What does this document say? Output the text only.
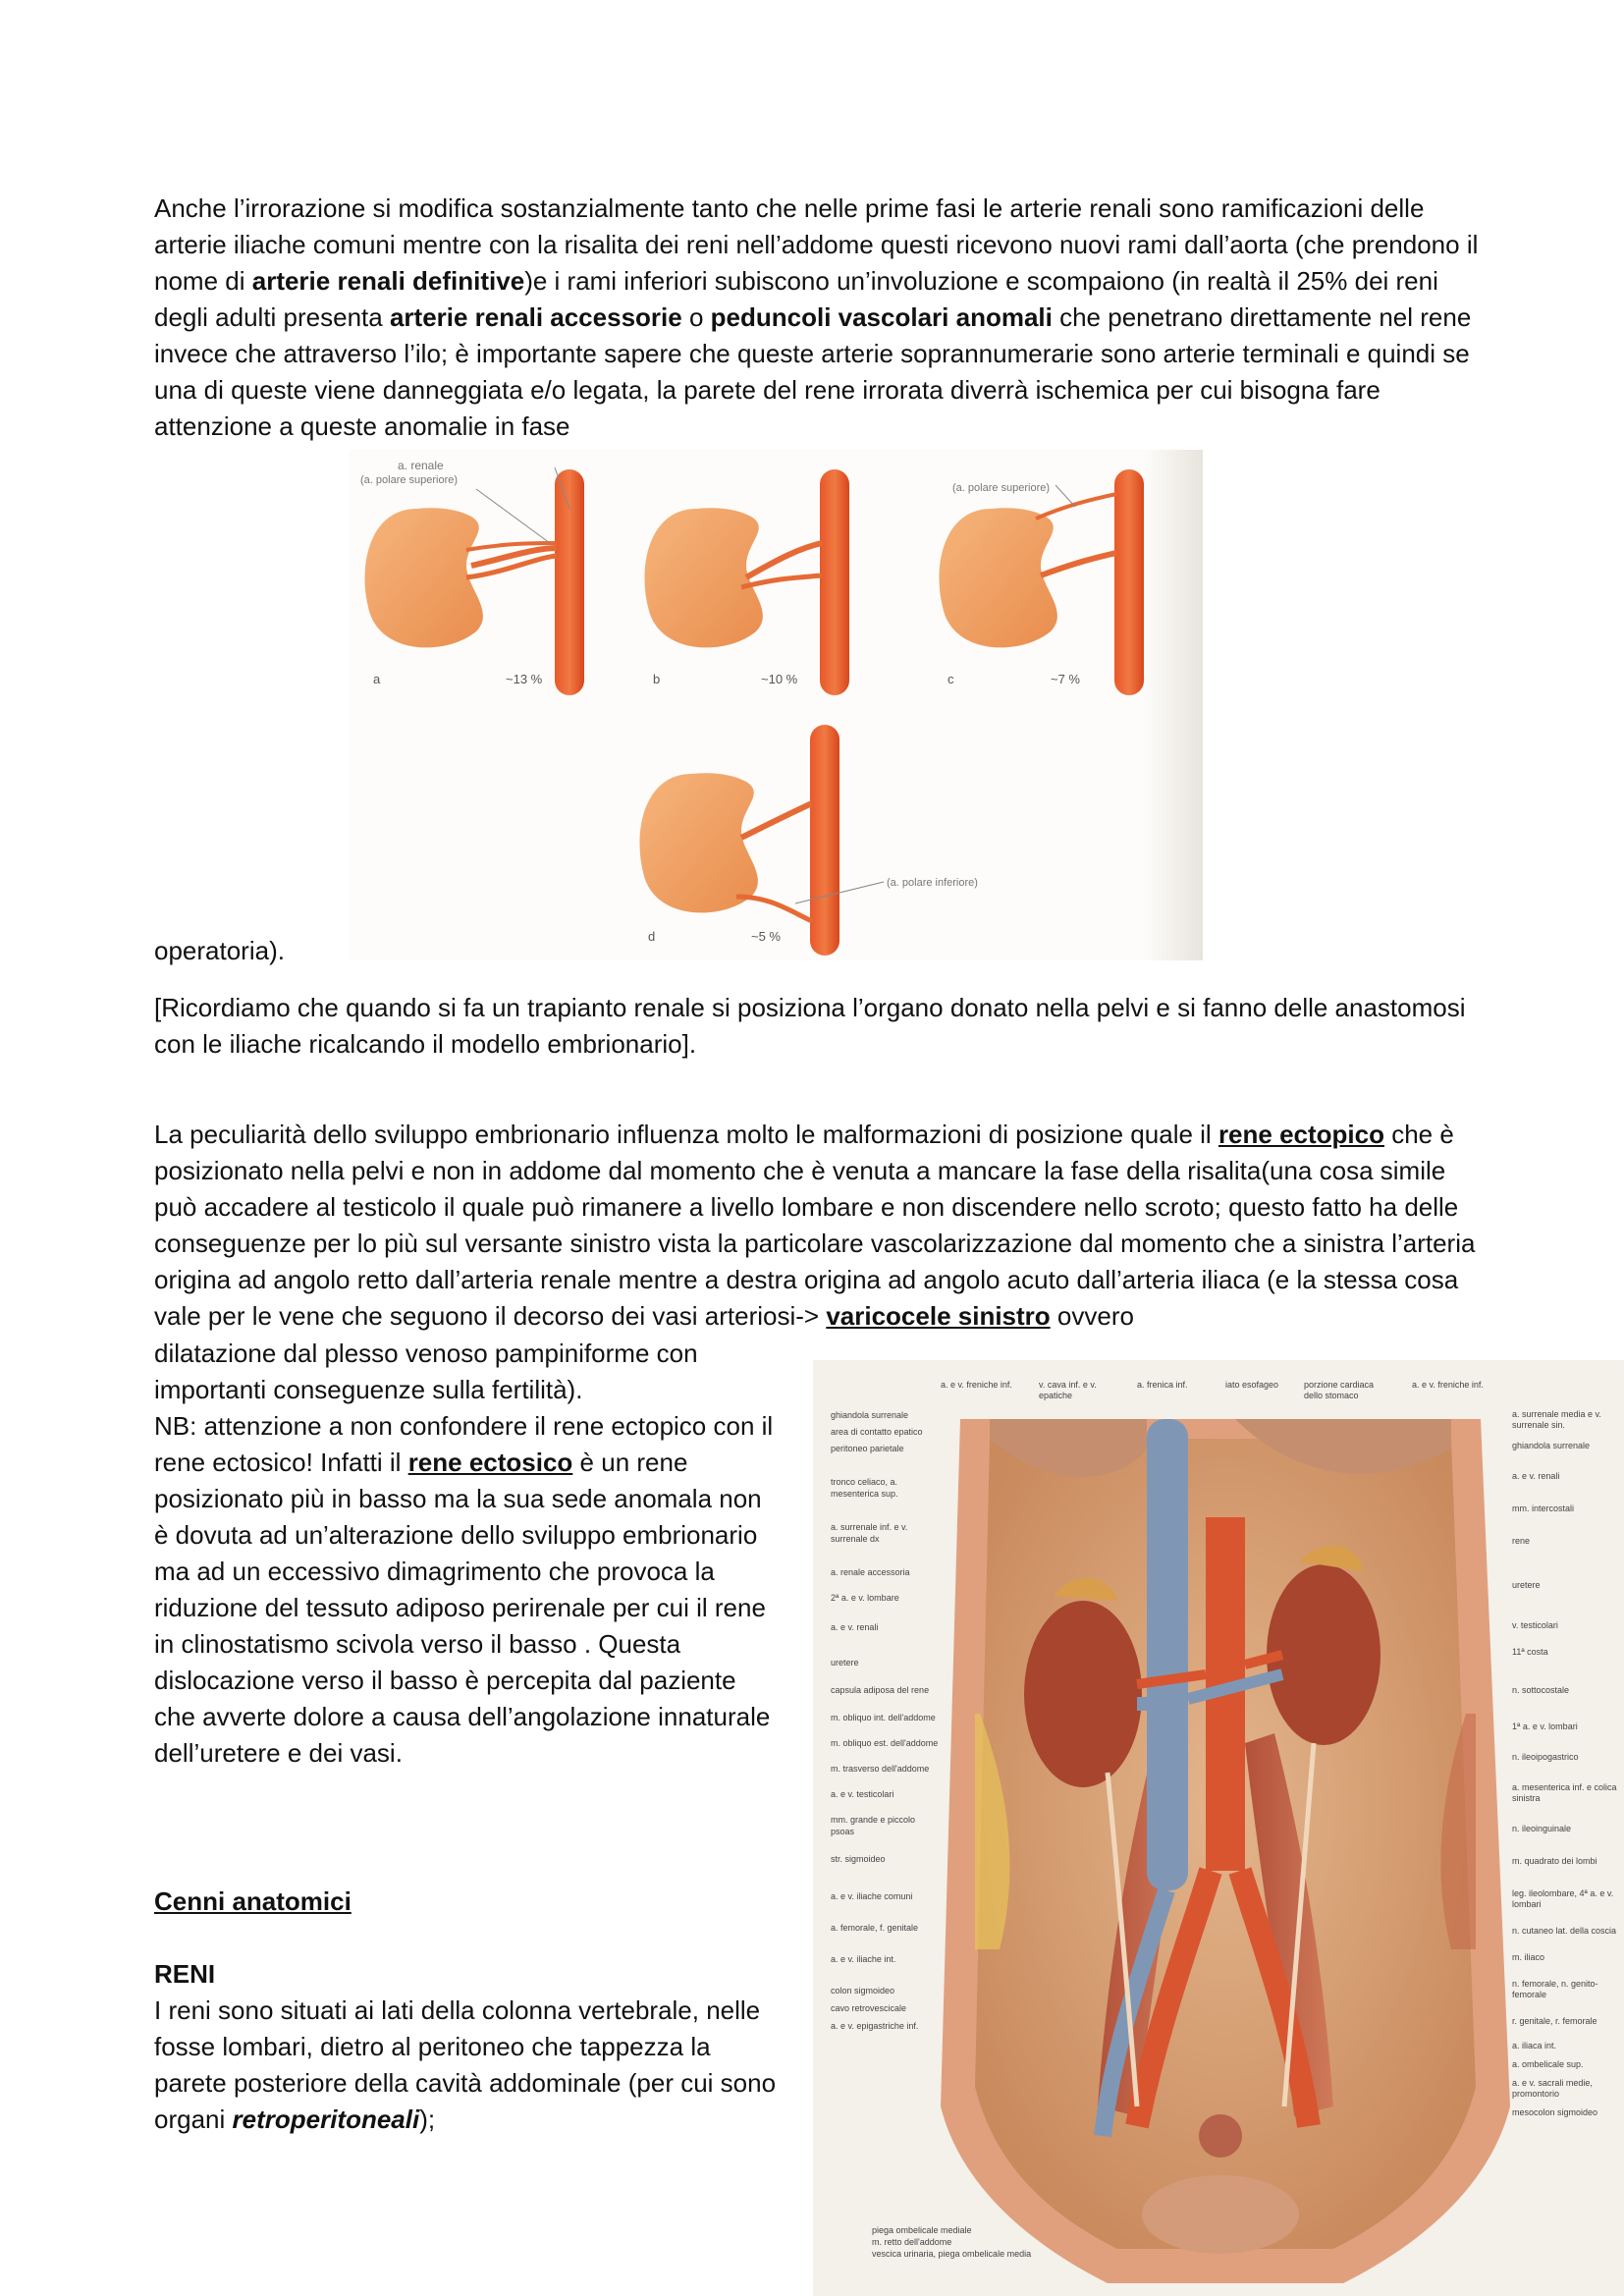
Anche l’irrorazione si modifica sostanzialmente tanto che nelle prime fasi le arterie renali sono ramificazioni delle arterie iliache comuni mentre con la risalita dei reni nell’addome questi ricevono nuovi rami dall’aorta (che prendono il nome di arterie renali definitive)e i rami inferiori subiscono un’involuzione e scompaiono (in realtà il 25% dei reni degli adulti presenta arterie renali accessorie o peduncoli vascolari anomali che penetrano direttamente nel rene invece che attraverso l’ilo; è importante sapere che queste arterie soprannumerarie sono arterie terminali e quindi se una di queste viene danneggiata e/o legata, la parete del rene irrorata diverrà ischemica per cui bisogna fare attenzione a queste anomalie in fase
a. renale
(a. polare superiore)
a	~13 %	b	~10 %
(a. polare superiore)
c	~7 %
(a. polare inferiore)
d	~5 %
operatoria).
[Ricordiamo che quando si fa un trapianto renale si posiziona l’organo donato nella pelvi e si fanno delle anastomosi con le iliache ricalcando il modello embrionario].
La peculiarità dello sviluppo embrionario influenza molto le malformazioni di posizione quale il rene ectopico che è posizionato nella pelvi e non in addome dal momento che è venuta a mancare la fase della risalita(una cosa simile può accadere al testicolo il quale può rimanere a livello lombare e non discendere nello scroto; questo fatto ha delle conseguenze per lo più sul versante sinistro vista la particolare vascolarizzazione dal momento che a sinistra l’arteria origina ad angolo retto dall’arteria renale mentre a destra origina ad angolo acuto dall’arteria iliaca (e la stessa cosa vale per le vene che seguono il decorso dei vasi arteriosi-> varicocele sinistro ovvero
dilatazione dal plesso venoso pampiniforme con importanti conseguenze sulla fertilità).
NB: attenzione a non confondere il rene ectopico con il rene ectosico! Infatti il rene ectosico è un rene posizionato più in basso ma la sua sede anomala non è dovuta ad un’alterazione dello sviluppo embrionario ma ad un eccessivo dimagrimento che provoca la riduzione del tessuto adiposo perirenale per cui il rene in clinostatismo scivola verso il basso . Questa dislocazione verso il basso è percepita dal paziente che avverte dolore a causa dell’angolazione innaturale dell’uretere e dei vasi.
Cenni anatomici
RENI
I reni sono situati ai lati della colonna vertebrale, nelle fosse lombari, dietro al peritoneo che tappezza la parete posteriore della cavità addominale (per cui sono organi retroperitoneali);
ghiandola surrenale
area di contatto epatico
peritoneo parietale
tronco celiaco, a. mesenterica sup.
a. surrenale inf. e v. surrenale dx
a. renale accessoria
2ª a. e v. lombare
a. e v. renali
uretere
capsula adiposa del rene
m. obliquo int. dell'addome
m. obliquo est. dell'addome
m. trasverso dell'addome
a. e v. testicolari
mm. grande e piccolo psoas
str. sigmoideo
a. e v. iliache comuni
a. femorale, f. genitale
a. e v. iliache int.
colon sigmoideo
cavo retrovescicale
a. e v. epigastriche inf.
piega ombelicale mediale
m. retto dell'addome
vescica urinaria, piega ombelicale media
a. e v. freniche inf.	v. cava inf. e v. epatiche
a. frenica inf.	iato esofageo	porzione cardiaca dello stomaco
a. e v. freniche inf.
a. surrenale media e v. surrenale sin.
ghiandola surrenale
a. e v. renali
mm. intercostali
rene
uretere
v. testicolari
11ª costa
n. sottocostale
1ª a. e v. lombari
n. ileoipogastrico
a. mesenterica inf. e colica sinistra
n. ileoinguinale
m. quadrato dei lombi
leg. ileolombare, 4ª a. e v. lombari
n. cutaneo lat. della coscia
m. iliaco
n. femorale, n. genito-femorale
r. genitale, r. femorale
a. iliaca int.
a. ombelicale sup.
a. e v. sacrali medie, promontorio
mesocolon sigmoideo
